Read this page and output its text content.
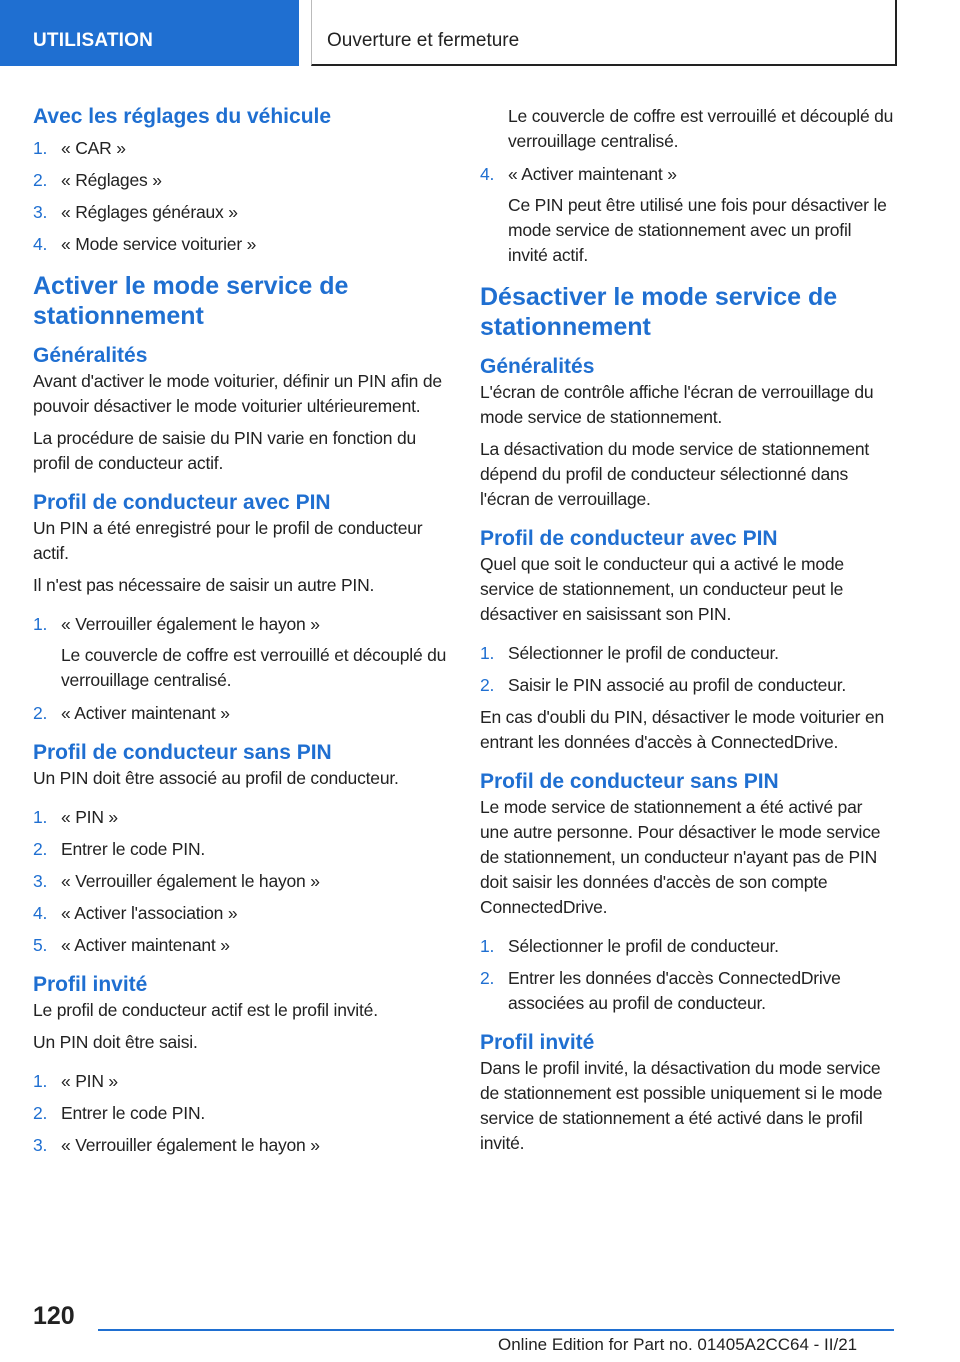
UTILISATION	Ouverture et fermeture
Avec les réglages du véhicule
1. « CAR »
2. « Réglages »
3. « Réglages généraux »
4. « Mode service voiturier »
Activer le mode service de stationnement
Généralités

Avant d'activer le mode voiturier, définir un PIN afin de pouvoir désactiver le mode voiturier ultérieurement.

La procédure de saisie du PIN varie en fonction du profil de conducteur actif.

Profil de conducteur avec PIN

Un PIN a été enregistré pour le profil de conducteur actif.

Il n'est pas nécessaire de saisir un autre PIN.

1. « Verrouiller également le hayon »

Le couvercle de coffre est verrouillé et découplé du verrouillage centralisé.

2. « Activer maintenant »
Profil de conducteur sans PIN

Un PIN doit être associé au profil de conducteur.

1. « PIN »
2. Entrer le code PIN.
3. « Verrouiller également le hayon »
4. « Activer l'association »
5. « Activer maintenant »
Profil invité

Le profil de conducteur actif est le profil invité.

Un PIN doit être saisi.

1. « PIN »
2. Entrer le code PIN.
3. « Verrouiller également le hayon »

Le couvercle de coffre est verrouillé et découplé du verrouillage centralisé.

4. « Activer maintenant »

Ce PIN peut être utilisé une fois pour désactiver le mode service de stationnement avec un profil invité actif.

Désactiver le mode service de stationnement
Généralités

L'écran de contrôle affiche l'écran de verrouillage du mode service de stationnement.

La désactivation du mode service de stationnement dépend du profil de conducteur sélectionné dans l'écran de verrouillage.

Profil de conducteur avec PIN

Quel que soit le conducteur qui a activé le mode service de stationnement, un conducteur peut le désactiver en saisissant son PIN.

1. Sélectionner le profil de conducteur.
2. Saisir le PIN associé au profil de conducteur.

En cas d'oubli du PIN, désactiver le mode voiturier en entrant les données d'accès à ConnectedDrive.

Profil de conducteur sans PIN

Le mode service de stationnement a été activé par une autre personne. Pour désactiver le mode service de stationnement, un conducteur n'ayant pas de PIN doit saisir les données d'accès de son compte ConnectedDrive.

1. Sélectionner le profil de conducteur.
2. Entrer les données d'accès ConnectedDrive associées au profil de conducteur.
Profil invité

Dans le profil invité, la désactivation du mode service de stationnement est possible uniquement si le mode service de stationnement a été activé dans le profil invité.

120
Online Edition for Part no. 01405A2CC64 - II/21
